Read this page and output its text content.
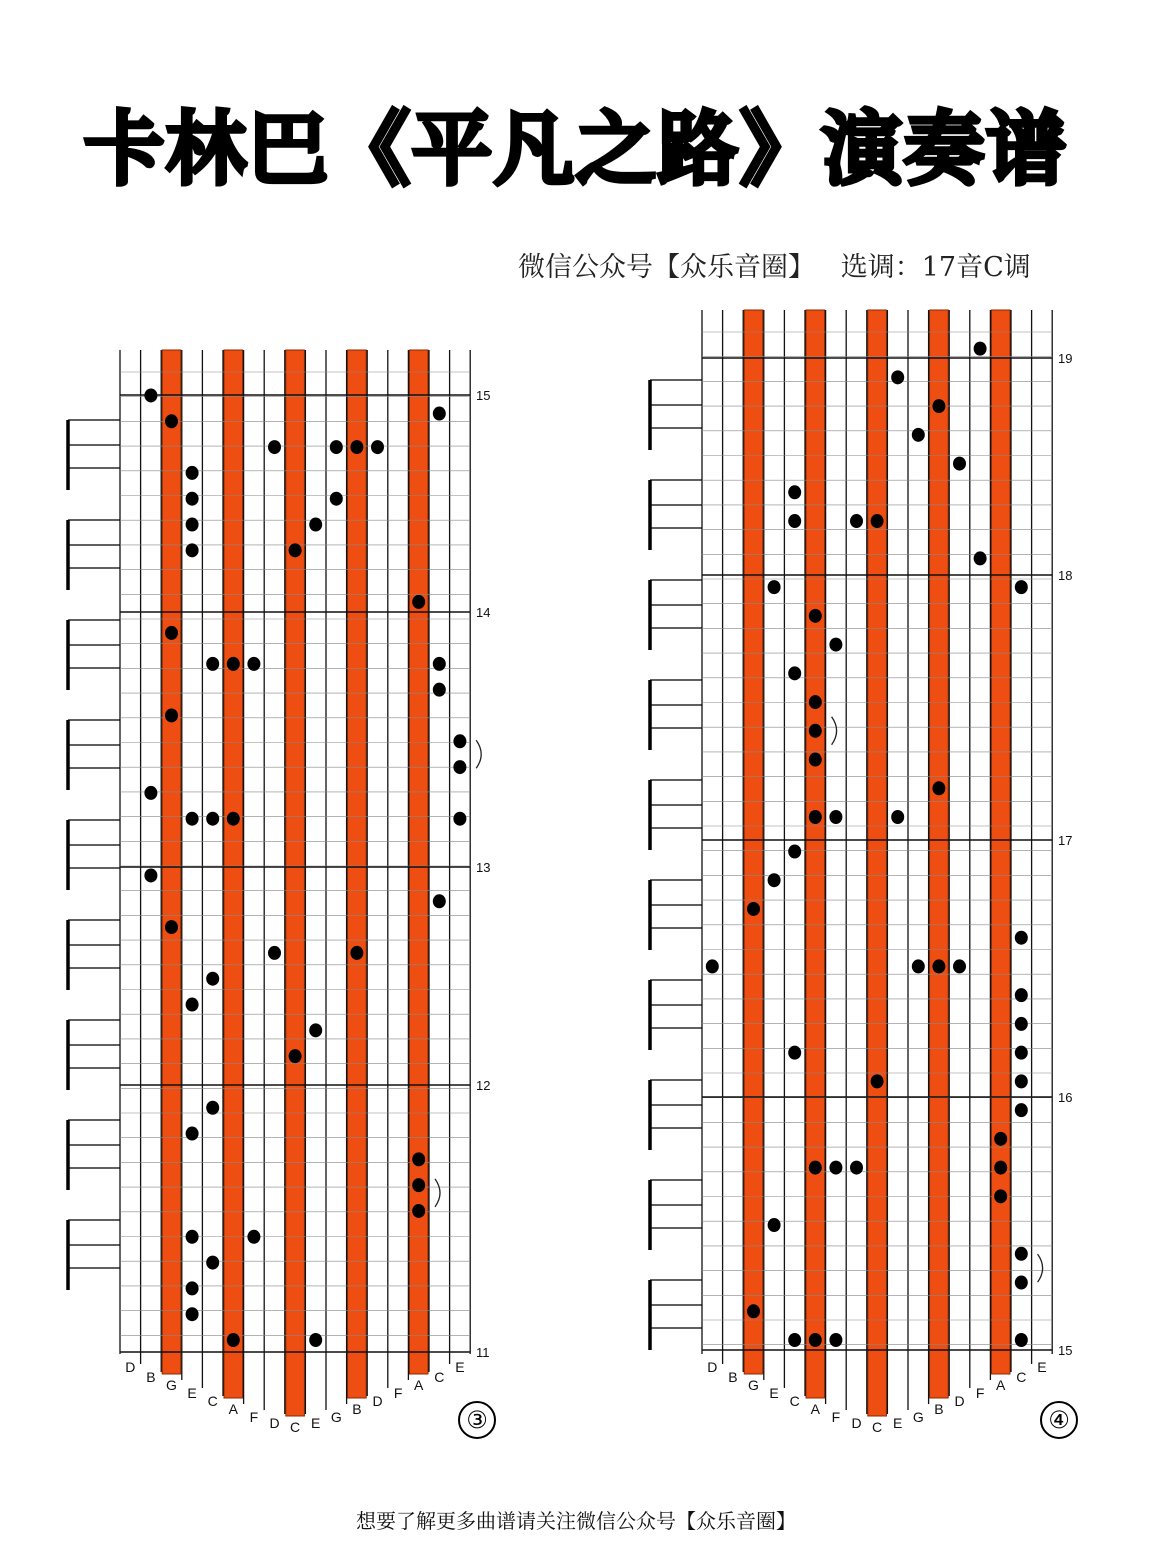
卡林巴《平凡之路》演奏谱
微信公众号【众乐音圈】   选调：17音C调
15
14
13
12
11
D
B G E C A F D C E G B D F A C
E
③
19
18
17
16
15
D
B G E C A F D C E G B D F A C
E
④
想要了解更多曲谱请关注微信公众号【众乐音圈】
